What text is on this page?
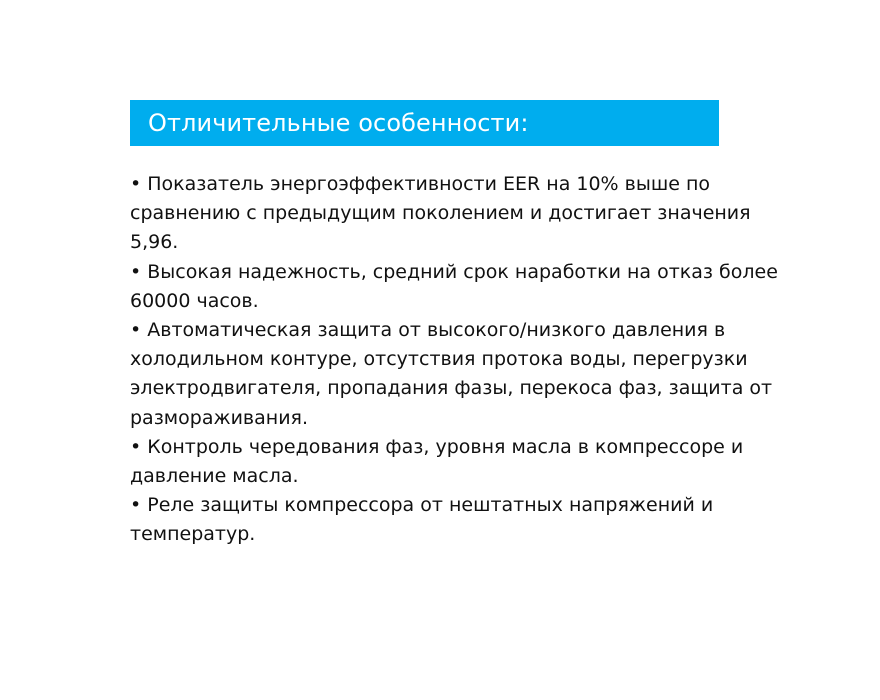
Отличительные особенности:
• Показатель энергоэффективности EER на 10% выше по сравнению с предыдущим поколением и достигает значения 5,96.
• Высокая надежность, средний срок наработки на отказ более 60000 часов.
• Автоматическая защита от высокого/низкого давления в холодильном контуре, отсутствия протока воды, перегрузки электродвигателя, пропадания фазы, перекоса фаз, защита от размораживания.
• Контроль чередования фаз, уровня масла в компрессоре и давление масла.
• Реле защиты компрессора от нештатных напряжений и температур.
